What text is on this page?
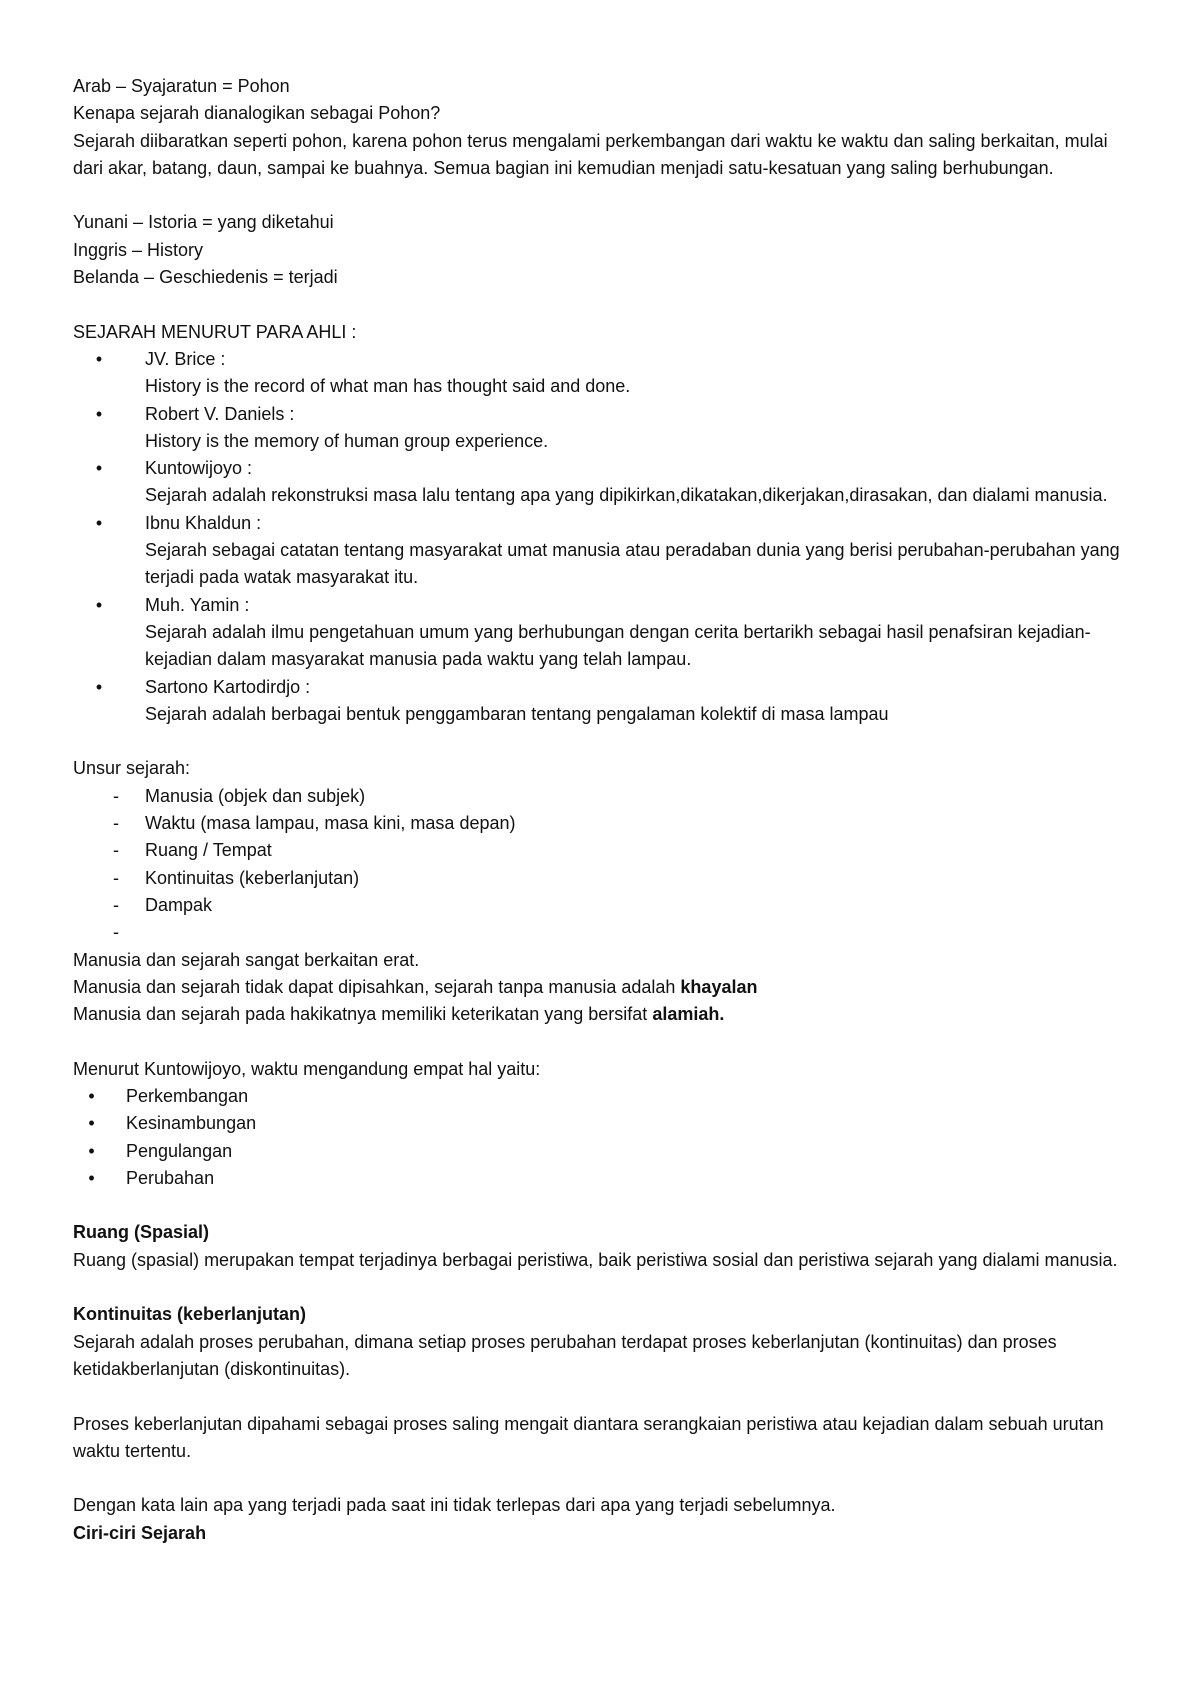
Arab – Syajaratun = Pohon

Kenapa sejarah dianalogikan sebagai Pohon?

Sejarah diibaratkan seperti pohon, karena pohon terus mengalami perkembangan dari waktu ke waktu dan saling berkaitan, mulai dari akar, batang, daun, sampai ke buahnya. Semua bagian ini kemudian menjadi satu-kesatuan yang saling berhubungan.

Yunani – Istoria = yang diketahui

Inggris – History

Belanda – Geschiedenis = terjadi

SEJARAH MENURUT PARA AHLI :

•	JV. Brice :

History is the record of what man has thought said and done.

•	Robert V. Daniels :

History is the memory of human group experience.

•	Kuntowijoyo :

Sejarah adalah rekonstruksi masa lalu tentang apa yang dipikirkan,dikatakan,dikerjakan,dirasakan, dan dialami manusia.

•	Ibnu Khaldun :

Sejarah sebagai catatan tentang masyarakat umat manusia atau peradaban dunia yang berisi perubahan-perubahan yang terjadi pada watak masyarakat itu.

•	Muh. Yamin :

Sejarah adalah ilmu pengetahuan umum yang berhubungan dengan cerita bertarikh sebagai hasil penafsiran kejadian-kejadian dalam masyarakat manusia pada waktu yang telah lampau.

•	Sartono Kartodirdjo :

Sejarah adalah berbagai bentuk penggambaran tentang pengalaman kolektif di masa lampau

Unsur sejarah:

-	Manusia (objek dan subjek)
-	Waktu (masa lampau, masa kini, masa depan)
-	Ruang / Tempat
-	Kontinuitas (keberlanjutan)
-	Dampak
-

Manusia dan sejarah sangat berkaitan erat.

Manusia dan sejarah tidak dapat dipisahkan, sejarah tanpa manusia adalah khayalan

Manusia dan sejarah pada hakikatnya memiliki keterikatan yang bersifat alamiah.

Menurut Kuntowijoyo, waktu mengandung empat hal yaitu:

•	Perkembangan
•	Kesinambungan
•	Pengulangan
•	Perubahan

Ruang (Spasial)

Ruang (spasial) merupakan tempat terjadinya berbagai peristiwa, baik peristiwa sosial dan peristiwa sejarah yang dialami manusia.

Kontinuitas (keberlanjutan)

Sejarah adalah proses perubahan, dimana setiap proses perubahan terdapat proses keberlanjutan (kontinuitas) dan proses ketidakberlanjutan (diskontinuitas).

Proses keberlanjutan dipahami sebagai proses saling mengait diantara serangkaian peristiwa atau kejadian dalam sebuah urutan waktu tertentu.

Dengan kata lain apa yang terjadi pada saat ini tidak terlepas dari apa yang terjadi sebelumnya.

Ciri-ciri Sejarah
